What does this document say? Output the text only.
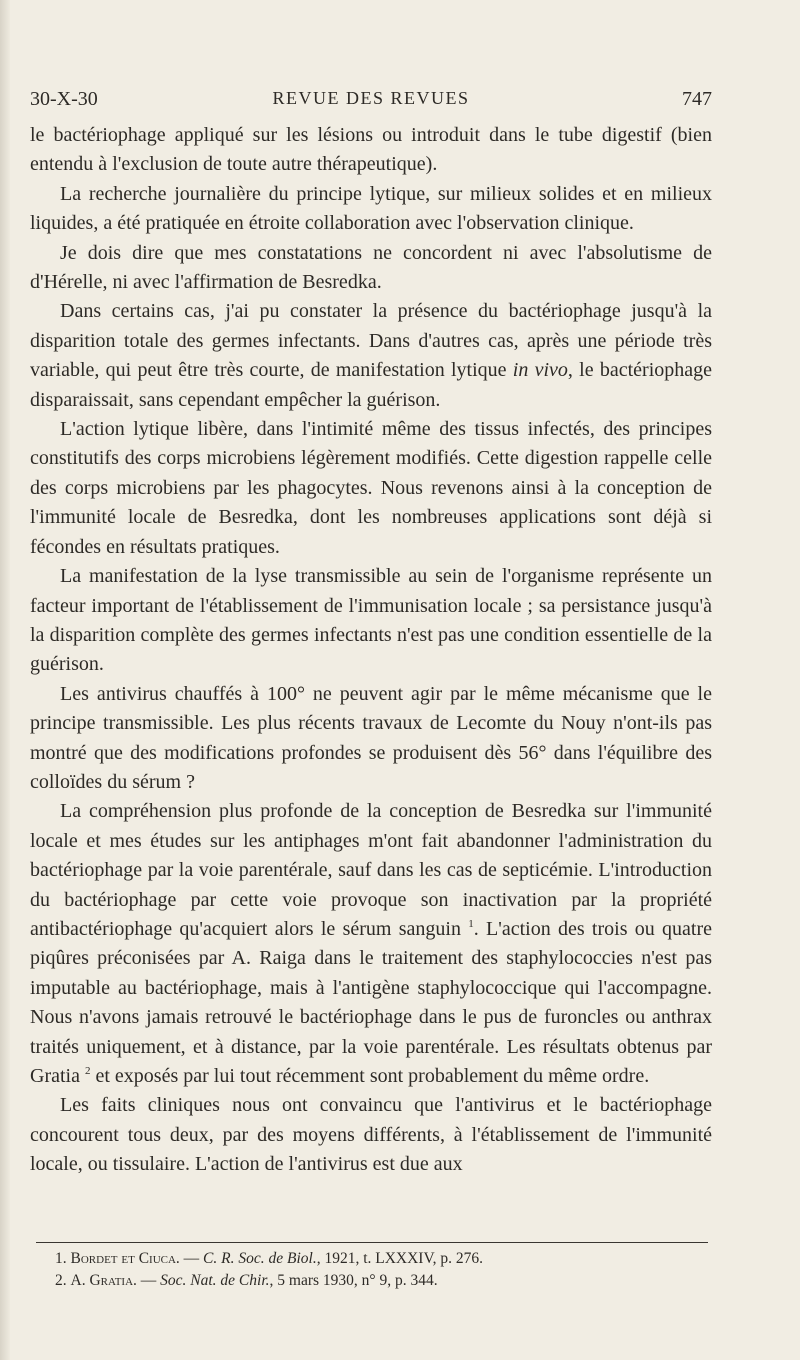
30-X-30	REVUE DES REVUES	747

le bactériophage appliqué sur les lésions ou introduit dans le tube digestif (bien entendu à l'exclusion de toute autre thérapeutique).

La recherche journalière du principe lytique, sur milieux solides et en milieux liquides, a été pratiquée en étroite collaboration avec l'observation clinique.

Je dois dire que mes constatations ne concordent ni avec l'absolutisme de d'Hérelle, ni avec l'affirmation de Besredka.

Dans certains cas, j'ai pu constater la présence du bactériophage jusqu'à la disparition totale des germes infectants. Dans d'autres cas, après une période très variable, qui peut être très courte, de manifestation lytique in vivo, le bactériophage disparaissait, sans cependant empêcher la guérison.

L'action lytique libère, dans l'intimité même des tissus infectés, des principes constitutifs des corps microbiens légèrement modifiés. Cette digestion rappelle celle des corps microbiens par les phagocytes. Nous revenons ainsi à la conception de l'immunité locale de Besredka, dont les nombreuses applications sont déjà si fécondes en résultats pratiques.

La manifestation de la lyse transmissible au sein de l'organisme représente un facteur important de l'établissement de l'immunisation locale ; sa persistance jusqu'à la disparition complète des germes infectants n'est pas une condition essentielle de la guérison.

Les antivirus chauffés à 100° ne peuvent agir par le même mécanisme que le principe transmissible. Les plus récents travaux de Lecomte du Nouy n'ont-ils pas montré que des modifications profondes se produisent dès 56° dans l'équilibre des colloïdes du sérum ?

La compréhension plus profonde de la conception de Besredka sur l'immunité locale et mes études sur les antiphages m'ont fait abandonner l'administration du bactériophage par la voie parentérale, sauf dans les cas de septicémie. L'introduction du bactériophage par cette voie provoque son inactivation par la propriété antibactériophage qu'acquiert alors le sérum sanguin $^1$. L'action des trois ou quatre piqûres préconisées par A. Raiga dans le traitement des staphylococcies n'est pas imputable au bactériophage, mais à l'antigène staphylococcique qui l'accompagne. Nous n'avons jamais retrouvé le bactériophage dans le pus de furoncles ou anthrax traités uniquement, et à distance, par la voie parentérale. Les résultats obtenus par Gratia $^2$ et exposés par lui tout récemment sont probablement du même ordre.

Les faits cliniques nous ont convaincu que l'antivirus et le bactériophage concourent tous deux, par des moyens différents, à l'établissement de l'immunité locale, ou tissulaire. L'action de l'antivirus est due aux

1. Bordet et Ciuca. — C. R. Soc. de Biol., 1921, t. LXXXIV, p. 276.
2. A. Gratia. — Soc. Nat. de Chir., 5 mars 1930, n° 9, p. 344.
